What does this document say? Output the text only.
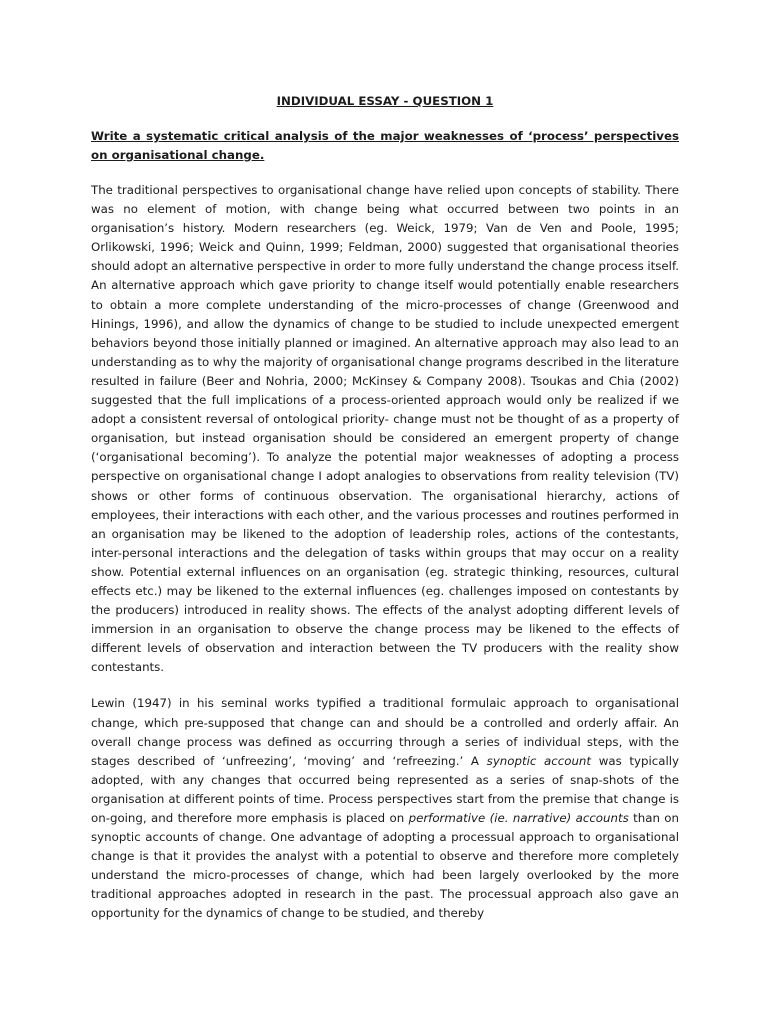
INDIVIDUAL ESSAY - QUESTION 1
Write a systematic critical analysis of the major weaknesses of ‘process’ perspectives on organisational change.
The traditional perspectives to organisational change have relied upon concepts of stability. There was no element of motion, with change being what occurred between two points in an organisation’s history. Modern researchers (eg. Weick, 1979; Van de Ven and Poole, 1995; Orlikowski, 1996; Weick and Quinn, 1999; Feldman, 2000) suggested that organisational theories should adopt an alternative perspective in order to more fully understand the change process itself. An alternative approach which gave priority to change itself would potentially enable researchers to obtain a more complete understanding of the micro-processes of change (Greenwood and Hinings, 1996), and allow the dynamics of change to be studied to include unexpected emergent behaviors beyond those initially planned or imagined. An alternative approach may also lead to an understanding as to why the majority of organisational change programs described in the literature resulted in failure (Beer and Nohria, 2000; McKinsey & Company 2008). Tsoukas and Chia (2002) suggested that the full implications of a process-oriented approach would only be realized if we adopt a consistent reversal of ontological priority- change must not be thought of as a property of organisation, but instead organisation should be considered an emergent property of change (‘organisational becoming’). To analyze the potential major weaknesses of adopting a process perspective on organisational change I adopt analogies to observations from reality television (TV) shows or other forms of continuous observation. The organisational hierarchy, actions of employees, their interactions with each other, and the various processes and routines performed in an organisation may be likened to the adoption of leadership roles, actions of the contestants, inter-personal interactions and the delegation of tasks within groups that may occur on a reality show. Potential external influences on an organisation (eg. strategic thinking, resources, cultural effects etc.) may be likened to the external influences (eg. challenges imposed on contestants by the producers) introduced in reality shows. The effects of the analyst adopting different levels of immersion in an organisation to observe the change process may be likened to the effects of different levels of observation and interaction between the TV producers with the reality show contestants.
Lewin (1947) in his seminal works typified a traditional formulaic approach to organisational change, which pre-supposed that change can and should be a controlled and orderly affair. An overall change process was defined as occurring through a series of individual steps, with the stages described of ‘unfreezing’, ‘moving’ and ‘refreezing.’ A synoptic account was typically adopted, with any changes that occurred being represented as a series of snap-shots of the organisation at different points of time. Process perspectives start from the premise that change is on-going, and therefore more emphasis is placed on performative (ie. narrative) accounts than on synoptic accounts of change. One advantage of adopting a processual approach to organisational change is that it provides the analyst with a potential to observe and therefore more completely understand the micro-processes of change, which had been largely overlooked by the more traditional approaches adopted in research in the past. The processual approach also gave an opportunity for the dynamics of change to be studied, and thereby
